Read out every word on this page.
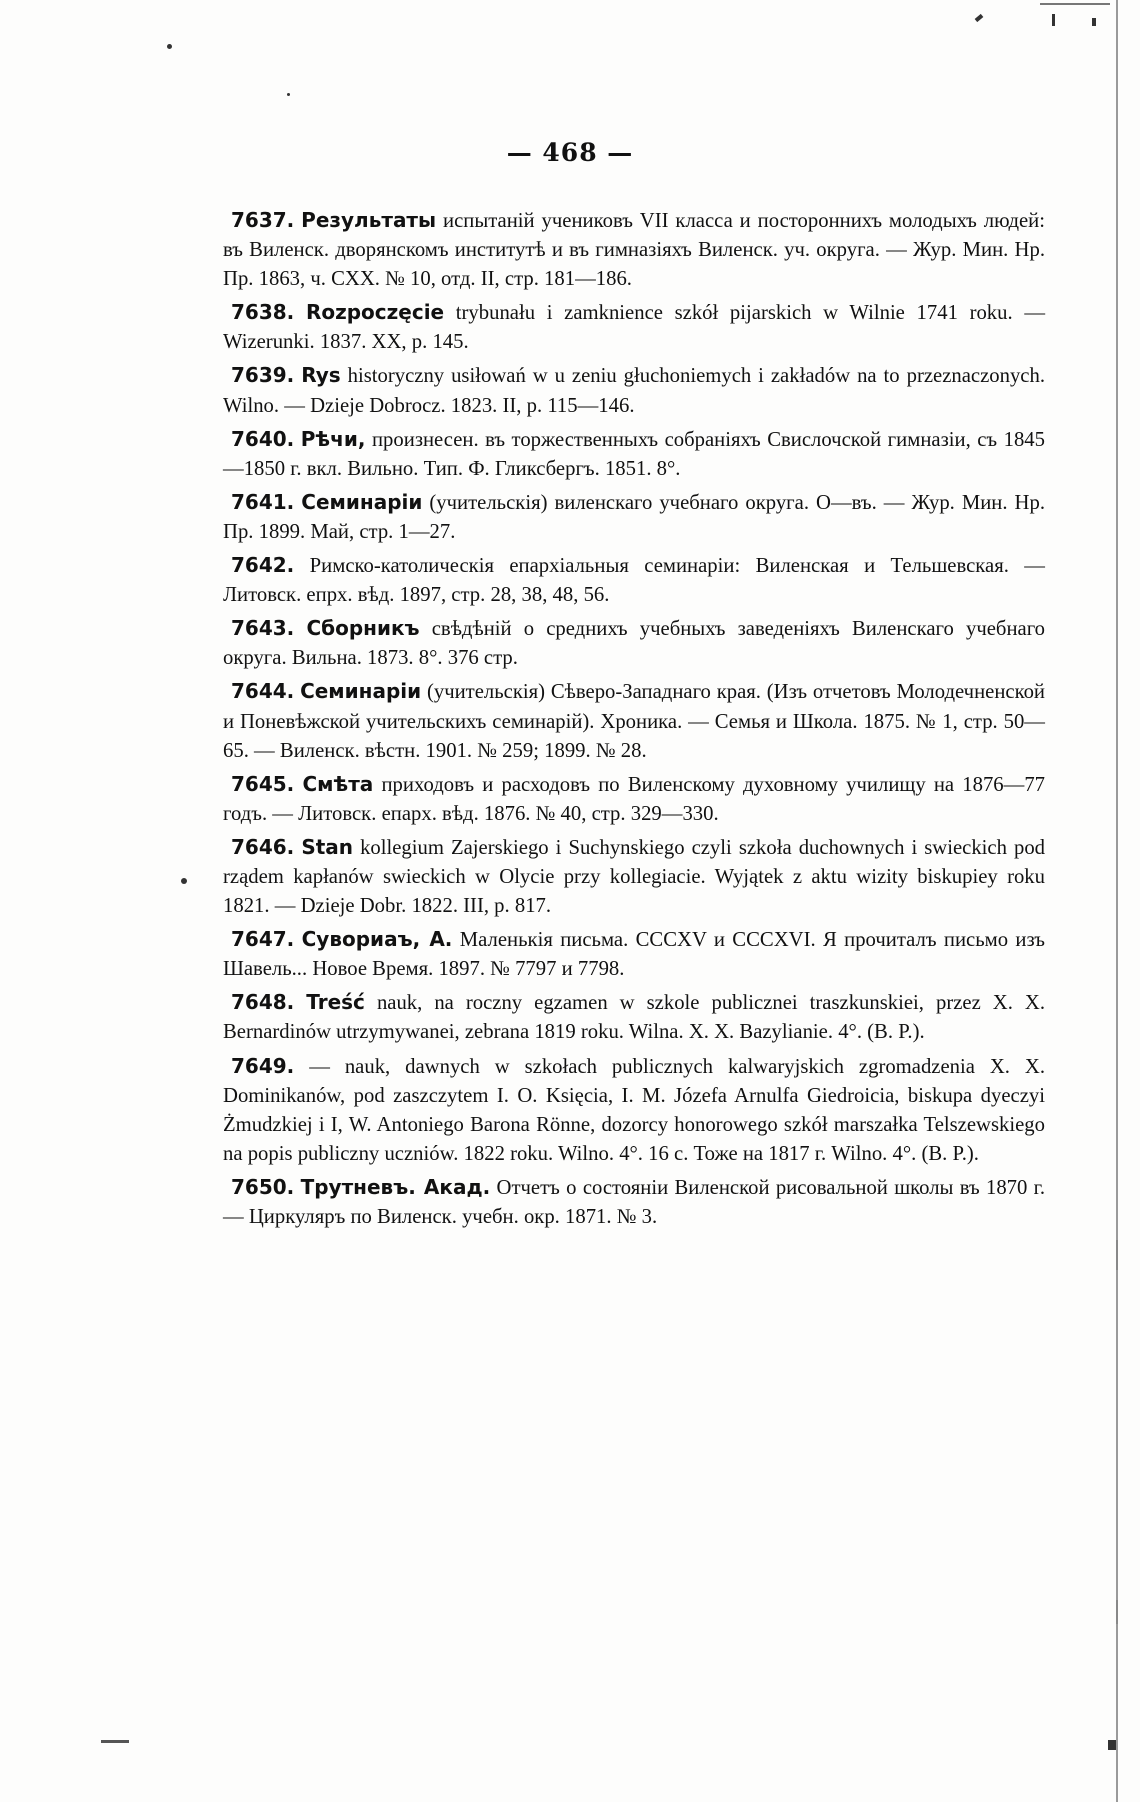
— 468 —

7637. Результаты испытаній учениковъ VII класса и постороннихъ молодыхъ людей: въ Виленск. дворянскомъ институтѣ и въ гимназіяхъ Виленск. уч. округа. — Жур. Мин. Нр. Пр. 1863, ч. CXX. № 10, отд. II, стр. 181—186.

7638. Rozpoczęcie trybunału i zamknience szkół pijarskich w Wilnie 1741 roku. — Wizerunki. 1837. XX, p. 145.

7639. Rys historyczny usiłowań w u zeniu głuchoniemych i zakładów na to przeznaczonych. Wilno. — Dzieje Dobrocz. 1823. II, p. 115—146.

7640. Рѣчи, произнесен. въ торжественныхъ собраніяхъ Свислочской гимназіи, съ 1845—1850 г. вкл. Вильно. Тип. Ф. Гликсбергъ. 1851. 8°.

7641. Семинаріи (учительскія) виленскаго учебнаго округа. О—въ. — Жур. Мин. Нр. Пр. 1899. Май, стр. 1—27.

7642. Римско-католическія епархіальныя семинаріи: Виленская и Тельшевская. — Литовск. епрх. вѣд. 1897, стр. 28, 38, 48, 56.

7643. Сборникъ свѣдѣній о среднихъ учебныхъ заведеніяхъ Виленскаго учебнаго округа. Вильна. 1873. 8°. 376 стр.

7644. Семинаріи (учительскія) Сѣверо-Западнаго края. (Изъ отчетовъ Молодечненской и Поневѣжской учительскихъ семинарій). Хроника. — Семья и Школа. 1875. № 1, стр. 50—65. — Виленск. вѣстн. 1901. № 259; 1899. № 28.

7645. Смѣта приходовъ и расходовъ по Виленскому духовному училищу на 1876—77 годъ. — Литовск. епарх. вѣд. 1876. № 40, стр. 329—330.

7646. Stan kollegium Zajerskiego i Suchynskiego czyli szkoła duchownych i swieckich pod rządem kapłanów swieckich w Olycie przy kollegiacie. Wyjątek z aktu wizity biskupiey roku 1821. — Dzieje Dobr. 1822. III, p. 817.

7647. Сувориаъ, А. Маленькія письма. CCCXV и CCCXVI. Я прочиталъ письмо изъ Шавель... Новое Время. 1897. № 7797 и 7798.

7648. Treść nauk, na roczny egzamen w szkole publicznei traszkunskiei, przez X. X. Bernardinów utrzymywanei, zebrana 1819 roku. Wilna. X. X. Bazylianie. 4°. (B. P.).

7649. — nauk, dawnych w szkołach publicznych kalwaryjskich zgromadzenia X. X. Dominikanów, pod zaszczytem I. O. Księcia, I. M. Józefa Arnulfa Giedroicia, biskupa dyeczyi Żmudzkiej i I, W. Antoniego Barona Rönne, dozorcy honorowego szkół marszałka Telszewskiego na popis publiczny uczniów. 1822 roku. Wilno. 4°. 16 c. Тоже на 1817 г. Wilno. 4°. (B. P.).

7650. Трутневъ. Акад. Отчетъ о состояніи Виленской рисовальной школы въ 1870 г. — Циркуляръ по Виленск. учебн. окр. 1871. № 3.
